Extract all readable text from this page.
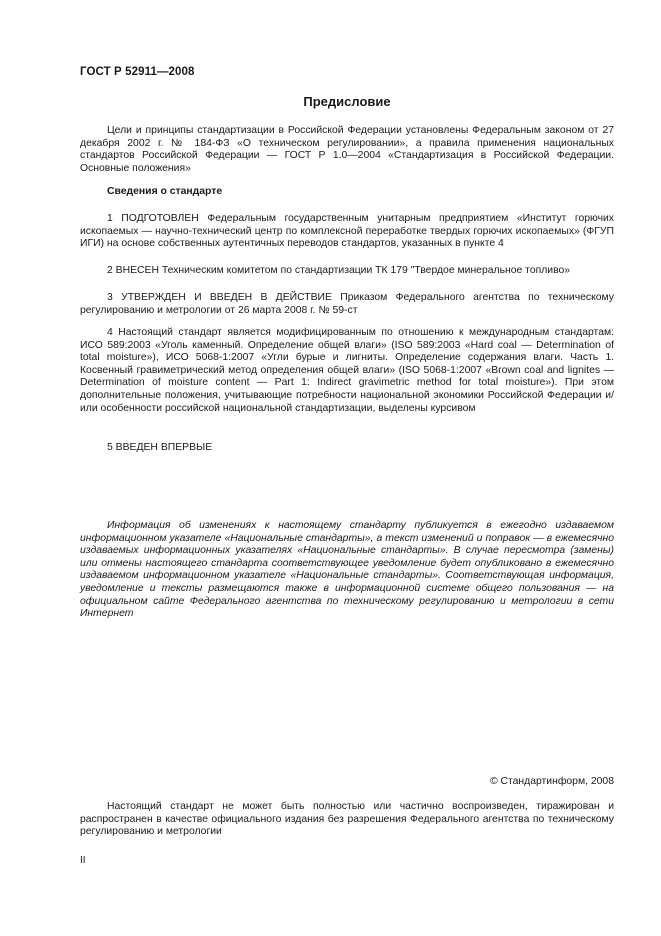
ГОСТ Р 52911—2008
Предисловие

Цели и принципы стандартизации в Российской Федерации установлены Федеральным законом от 27 декабря 2002 г. № 184-ФЗ «О техническом регулировании», а правила применения национальных стандартов Российской Федерации — ГОСТ Р 1.0—2004 «Стандартизация в Российской Федерации. Основные положения»

Сведения о стандарте

1 ПОДГОТОВЛЕН Федеральным государственным унитарным предприятием «Институт горючих ископаемых — научно-технический центр по комплексной переработке твердых горючих ископаемых» (ФГУП ИГИ) на основе собственных аутентичных переводов стандартов, указанных в пункте 4

2 ВНЕСЕН Техническим комитетом по стандартизации ТК 179 "Твердое минеральное топливо»

3 УТВЕРЖДЕН И ВВЕДЕН В ДЕЙСТВИЕ Приказом Федерального агентства по техническому регулированию и метрологии от 26 марта 2008 г. № 59-ст

4 Настоящий стандарт является модифицированным по отношению к международным стандартам: ИСО 589:2003 «Уголь каменный. Определение общей влаги» (ISO 589:2003 «Hard coal — Determination of total moisture»), ИСО 5068-1:2007 «Угли бурые и лигниты. Определение содержания влаги. Часть 1. Косвенный гравиметрический метод определения общей влаги» (ISO 5068-1:2007 «Brown coal and lignites — Determination of moisture content — Part 1: Indirect gravimetric method for total moisture»). При этом дополнительные положения, учитывающие потребности национальной экономики Российской Федерации и/или особенности российской национальной стандартизации, выделены курсивом

5 ВВЕДЕН ВПЕРВЫЕ

Информация об изменениях к настоящему стандарту публикуется в ежегодно издаваемом информационном указателе «Национальные стандарты», а текст изменений и поправок — в ежемесячно издаваемых информационных указателях «Национальные стандарты». В случае пересмотра (замены) или отмены настоящего стандарта соответствующее уведомление будет опубликовано в ежемесячно издаваемом информационном указателе «Национальные стандарты». Соответствующая информация, уведомление и тексты размещаются также в информационной системе общего пользования — на официальном сайте Федерального агентства по техническому регулированию и метрологии в сети Интернет

© Стандартинформ, 2008

Настоящий стандарт не может быть полностью или частично воспроизведен, тиражирован и распространен в качестве официального издания без разрешения Федерального агентства по техническому регулированию и метрологии

II
